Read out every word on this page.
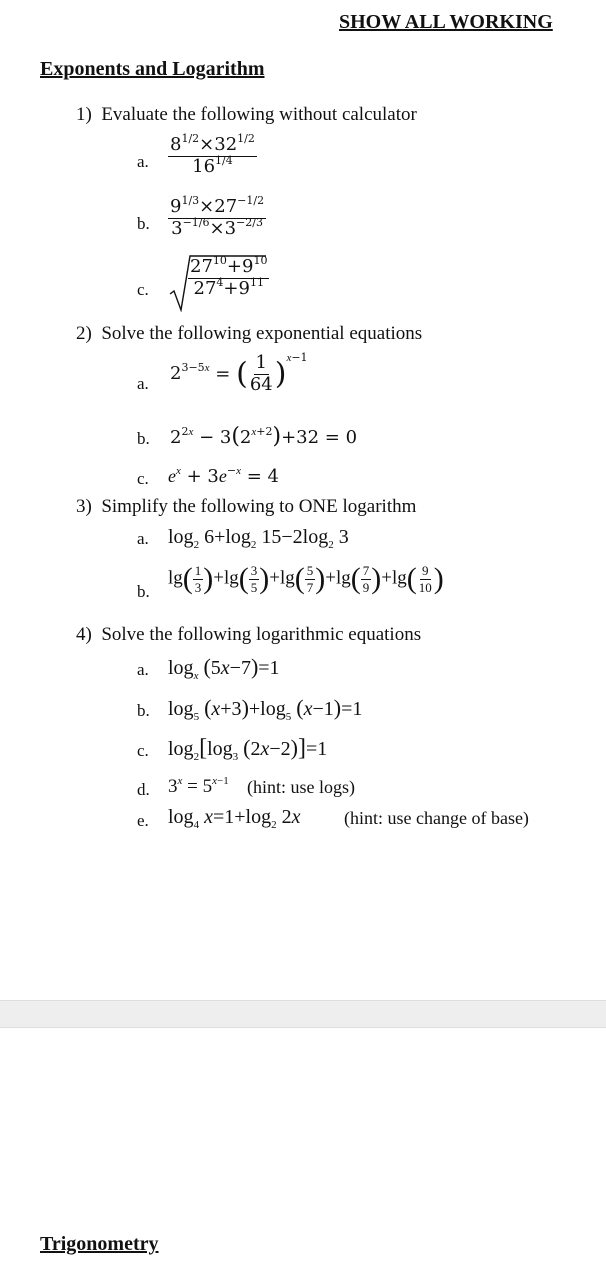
SHOW ALL WORKING
Exponents and Logarithm
1) Evaluate the following without calculator
a. $\frac{8^{1/2}\times 32^{1/2}}{16^{1/4}}$
b. $\frac{9^{1/3}\times 27^{-1/2}}{3^{-1/6}\times 3^{-2/3}}$
c. $\frac{27^{10}+9^{10}}{27^4+9^{11}}$
2) Solve the following exponential equations
a. $2^{3-5x}$ = ( $\frac{1}{64} )^{x-1}$
b. $2^{2x} - 3(2^{x+2})+32 = 0$
c. $e^x + 3e^{-x} = 4$
3) Simplify the following to ONE logarithm
a. $\log_2 6+\log_2$ $15-2\log_2$ 3
b.
$\lg( \frac{1}{3} )+\lg( \frac{3}{5} )+\lg( \frac{5}{7} )+\lg( \frac{7}{9} )+\lg( \frac{9}{10}$ )
4) Solve the following logarithmic equations
a. $\log_x (5x-7)=1$
b. $\log_5 (x+3)+\log_5$ (x−1)=1
c. $\log_2[\log_3$ (2x−2)]=1
d. $3^x = 5^{x-1}$ (hint: use logs)
e. $\log_4 x=1+\log_2$ 2x (hint: use change of base)
Trigonometry
